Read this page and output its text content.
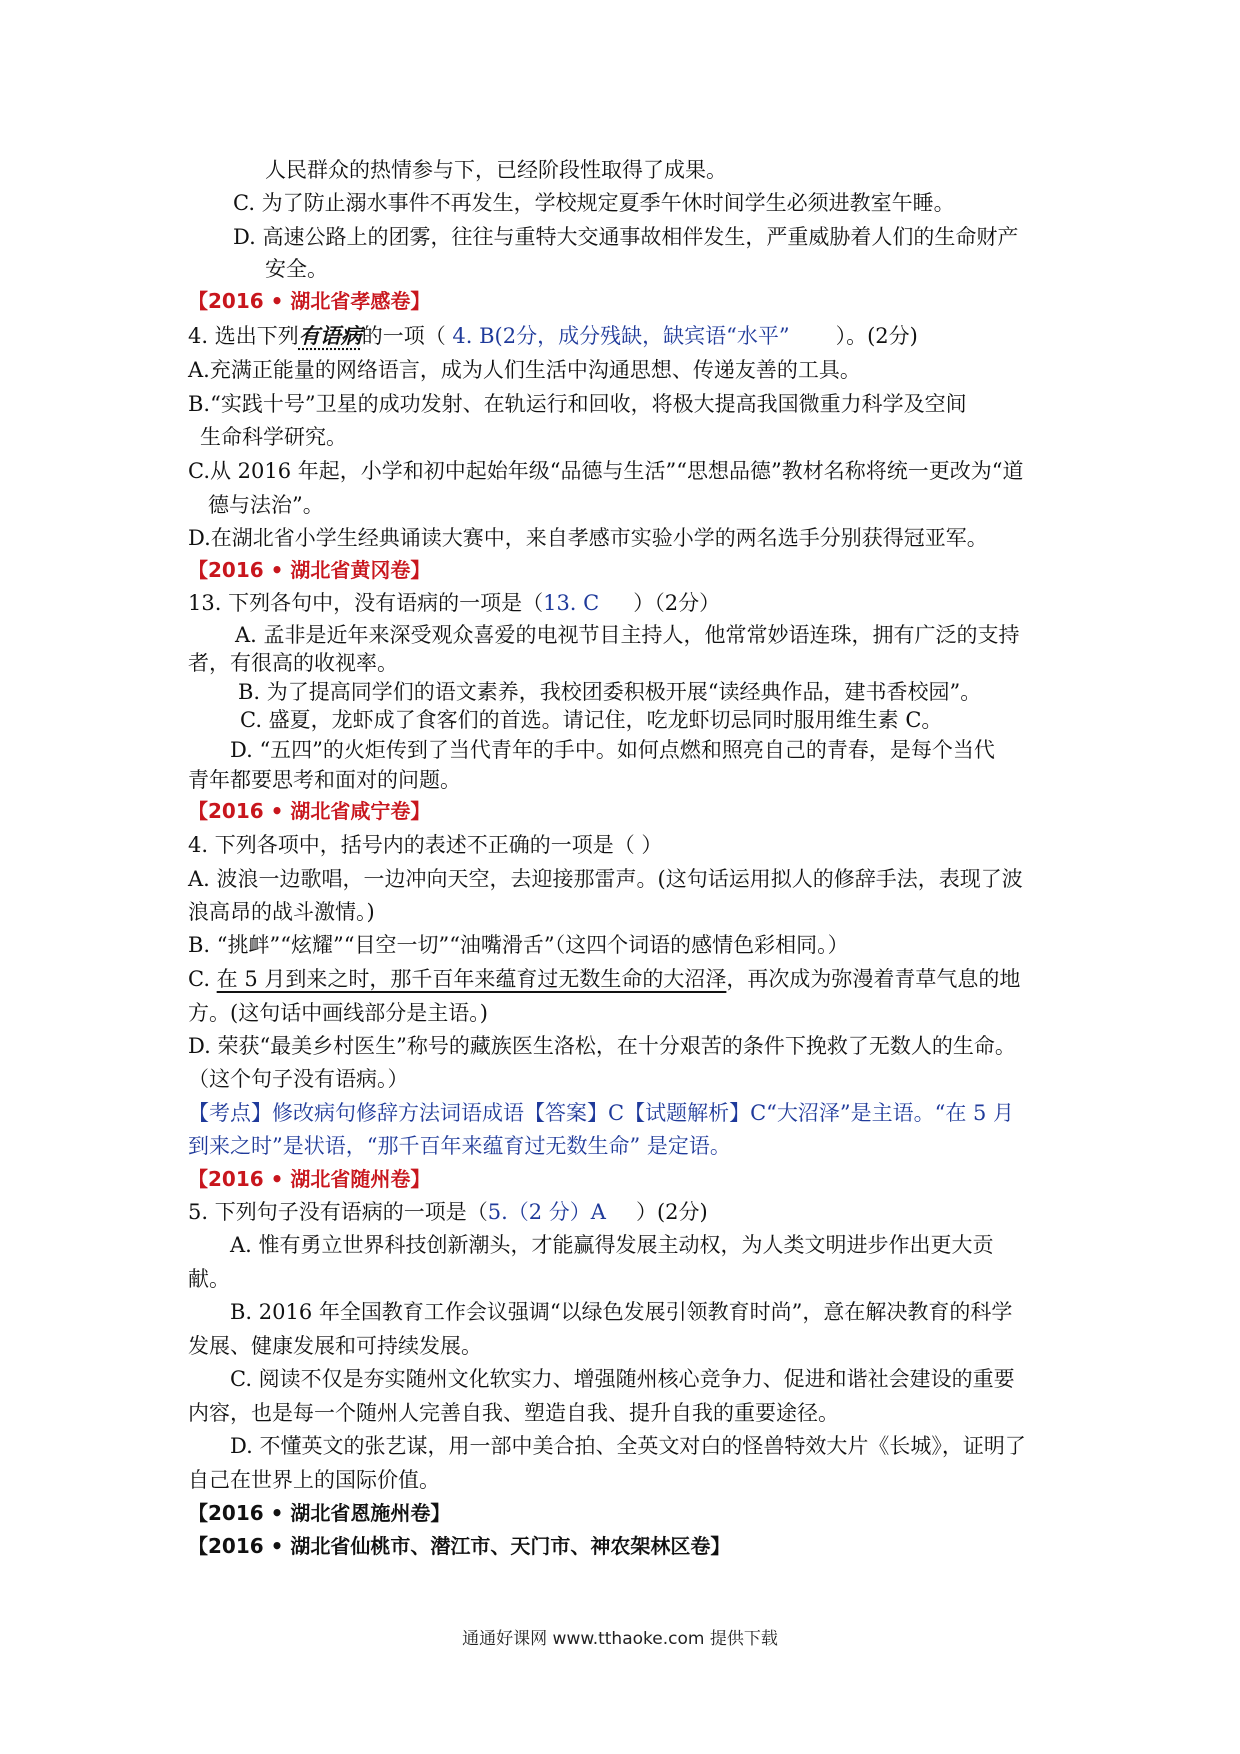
人民群众的热情参与下，已经阶段性取得了成果。
C. 为了防止溺水事件不再发生，学校规定夏季午休时间学生必须进教室午睡。
D. 高速公路上的团雾，往往与重特大交通事故相伴发生，严重威胁着人们的生命财产
安全。
【2016 • 湖北省孝感卷】
4. 选出下列有语病的一项（ 4. B(2分，成分残缺，缺宾语“水平” ）。(2分)
A.充满正能量的网络语言，成为人们生活中沟通思想、传递友善的工具。
B.“实践十号”卫星的成功发射、在轨运行和回收，将极大提高我国微重力科学及空间
生命科学研究。
C.从 2016 年起，小学和初中起始年级“品德与生活”“思想品德”教材名称将统一更改为“道
德与法治”。
D.在湖北省小学生经典诵读大赛中，来自孝感市实验小学的两名选手分别获得冠亚军。
【2016 • 湖北省黄冈卷】
13. 下列各句中，没有语病的一项是（13. C ）（2分）
A. 孟非是近年来深受观众喜爱的电视节目主持人，他常常妙语连珠，拥有广泛的支持
者，有很高的收视率。
B. 为了提高同学们的语文素养，我校团委积极开展“读经典作品，建书香校园”。
C. 盛夏，龙虾成了食客们的首选。请记住，吃龙虾切忌同时服用维生素 C。
D. “五四”的火炬传到了当代青年的手中。如何点燃和照亮自己的青春，是每个当代
青年都要思考和面对的问题。
【2016 • 湖北省咸宁卷】
4. 下列各项中，括号内的表述不正确的一项是（ ）
A. 波浪一边歌唱，一边冲向天空，去迎接那雷声。(这句话运用拟人的修辞手法，表现了波
浪高昂的战斗激情。)
B. “挑衅”“炫耀”“目空一切”“油嘴滑舌”（这四个词语的感情色彩相同。）
C. 在 5 月到来之时，那千百年来蕴育过无数生命的大沼泽，再次成为弥漫着青草气息的地
方。(这句话中画线部分是主语。)
D. 荣获“最美乡村医生”称号的藏族医生洛松，在十分艰苦的条件下挽救了无数人的生命。
（这个句子没有语病。）
【考点】修改病句修辞方法词语成语【答案】C【试题解析】C“大沼泽”是主语。“在 5 月
到来之时”是状语，“那千百年来蕴育过无数生命” 是定语。
【2016 • 湖北省随州卷】
5. 下列句子没有语病的一项是（5.（2 分）A ）(2分)
A. 惟有勇立世界科技创新潮头，才能赢得发展主动权，为人类文明进步作出更大贡
献。
B. 2016 年全国教育工作会议强调“以绿色发展引领教育时尚”，意在解决教育的科学
发展、健康发展和可持续发展。
C. 阅读不仅是夯实随州文化软实力、增强随州核心竞争力、促进和谐社会建设的重要
内容，也是每一个随州人完善自我、塑造自我、提升自我的重要途径。
D. 不懂英文的张艺谋，用一部中美合拍、全英文对白的怪兽特效大片《长城》，证明了
自己在世界上的国际价值。
【2016 • 湖北省恩施州卷】
【2016 • 湖北省仙桃市、潜江市、天门市、神农架林区卷】
通通好课网 www.tthaoke.com 提供下载
